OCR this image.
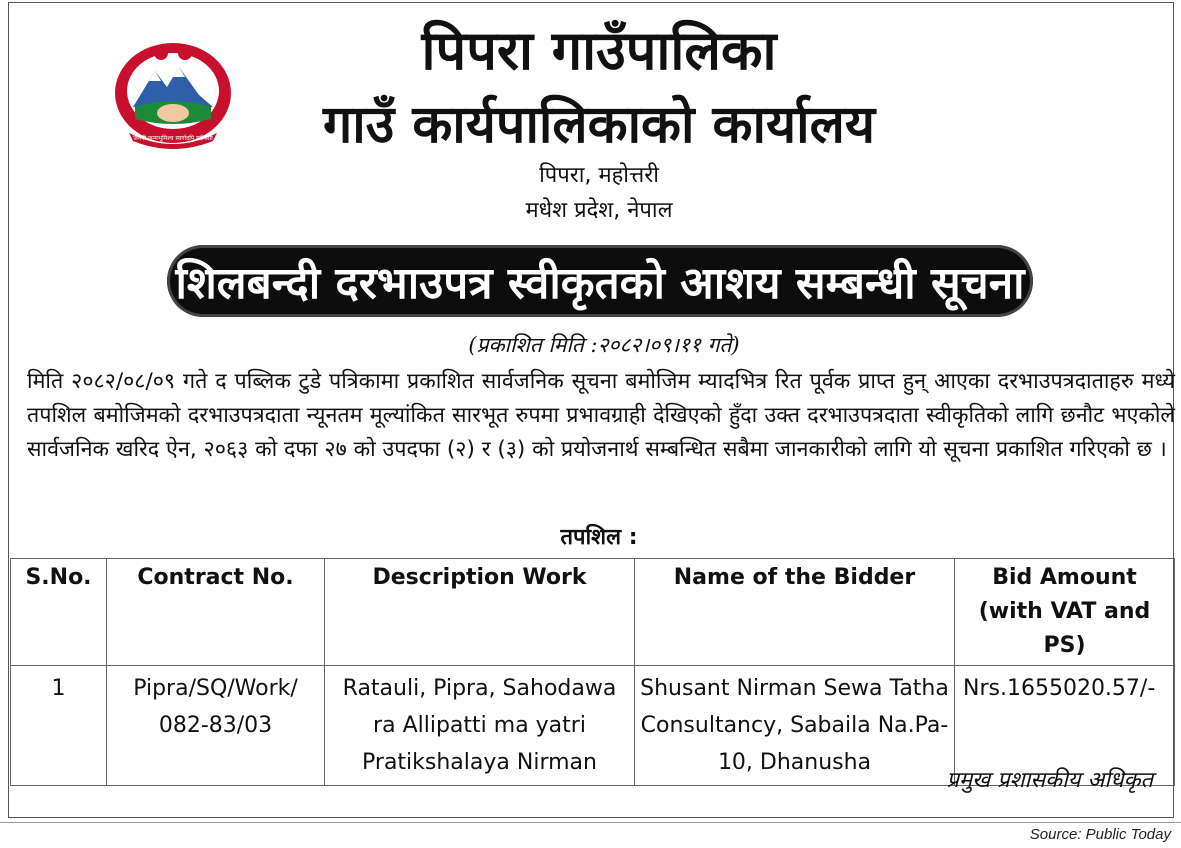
जननी जन्मभूमिश्च स्वर्गादपि गरीयसी
पिपरा गाउँपालिका
गाउँ कार्यपालिकाको कार्यालय
पिपरा, महोत्तरी
मधेश प्रदेश, नेपाल
शिलबन्दी दरभाउपत्र स्वीकृतको आशय सम्बन्धी सूचना
(प्रकाशित मिति :२०८२।०९।११ गते)
मिति २०८२/०८/०९ गते द पब्लिक टुडे पत्रिकामा प्रकाशित सार्वजनिक सूचना बमोजिम म्यादभित्र रित पूर्वक प्राप्त हुन् आएका दरभाउपत्रदाताहरु मध्ये तपशिल बमोजिमको दरभाउपत्रदाता न्यूनतम मूल्यांकित सारभूत रुपमा प्रभावग्राही देखिएको हुँदा उक्त दरभाउपत्रदाता स्वीकृतिको लागि छनौट भएकोले सार्वजनिक खरिद ऐन, २०६३ को दफा २७ को उपदफा (२) र (३) को प्रयोजनार्थ सम्बन्धित सबैमा जानकारीको लागि यो सूचना प्रकाशित गरिएको छ ।
तपशिल :
S.No.	Contract No.	Description Work	Name of the Bidder	Bid Amount (with VAT and PS)
1	Pipra/SQ/Work/ 082-83/03	Ratauli, Pipra, Sahodawa ra Allipatti ma yatri Pratikshalaya Nirman	Shusant Nirman Sewa Tatha Consultancy, Sabaila Na.Pa-10, Dhanusha	Nrs.1655020.57/-
प्रमुख प्रशासकीय अधिकृत
Source: Public Today
